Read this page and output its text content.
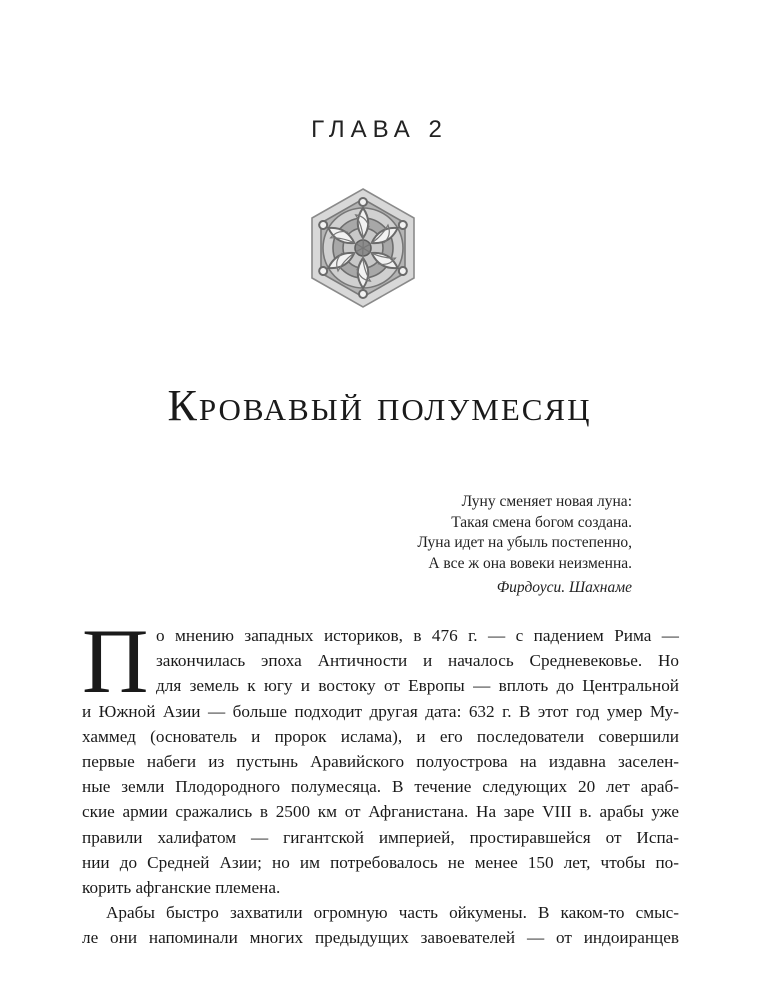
ГЛАВА 2
Кровавый полумесяц
Луну сменяет новая луна:
Такая смена богом создана.
Луна идет на убыль постепенно,
А все ж она вовеки неизменна.
Фирдоуси. Шахнаме
П о мнению западных историков, в 476 г. — с падением Рима —
закончилась эпоха Античности и началось Средневековье. Но
для земель к югу и востоку от Европы — вплоть до Центральной
и Южной Азии — больше подходит другая дата: 632 г. В этот год умер Му-
хаммед (основатель и пророк ислама), и его последователи совершили
первые набеги из пустынь Аравийского полуострова на издавна заселен-
ные земли Плодородного полумесяца. В течение следующих 20 лет араб-
ские армии сражались в 2500 км от Афганистана. На заре VIII в. арабы уже
правили халифатом — гигантской империей, простиравшейся от Испа-
нии до Средней Азии; но им потребовалось не менее 150 лет, чтобы по-
корить афганские племена.
Арабы быстро захватили огромную часть ойкумены. В каком-то смыс-
ле они напоминали многих предыдущих завоевателей — от индоиранцев
